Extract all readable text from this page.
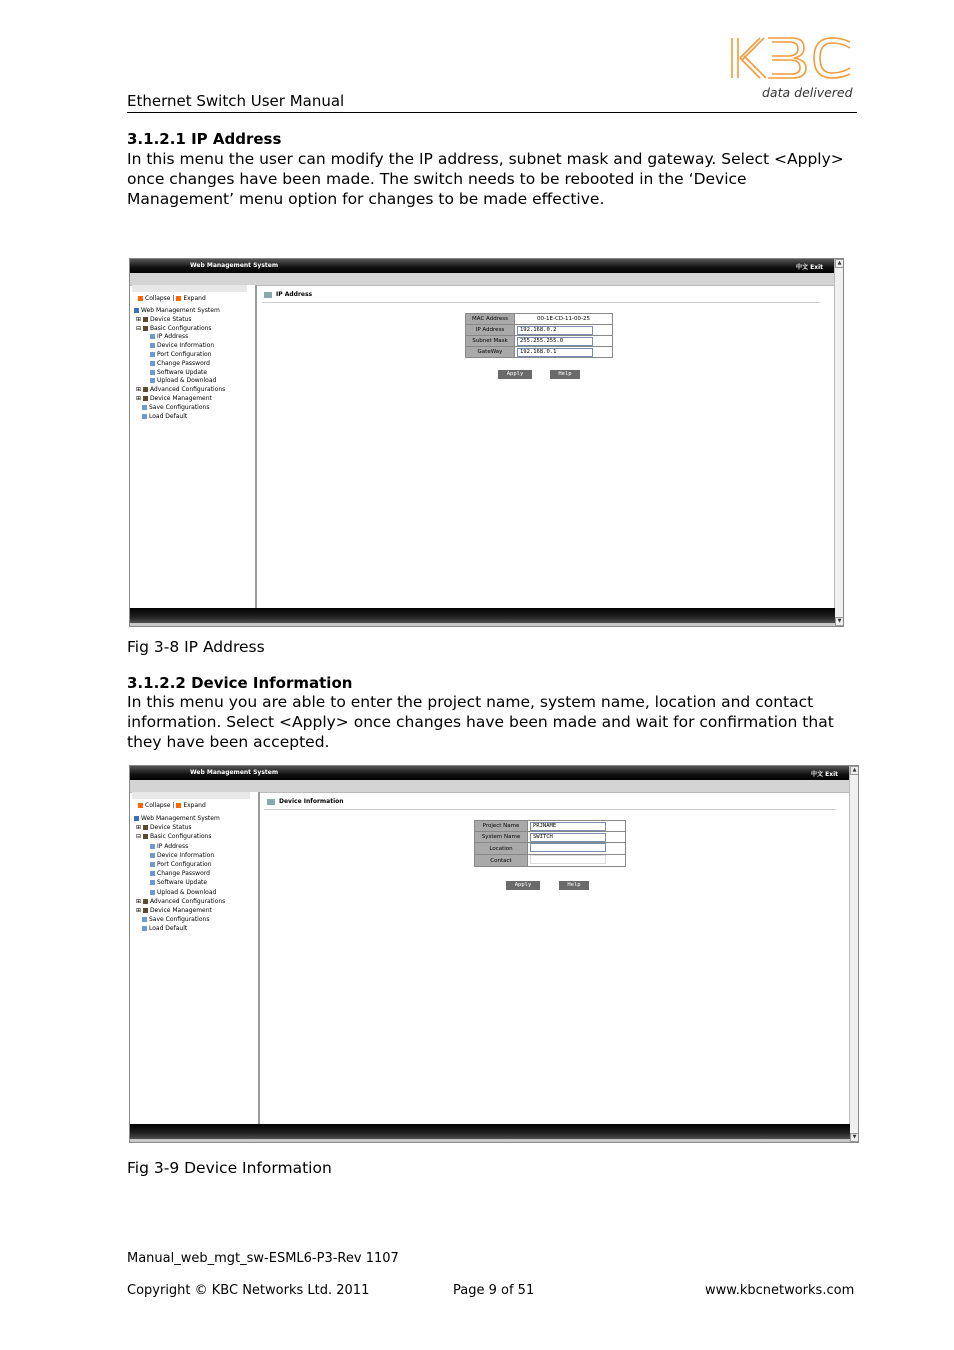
Ethernet Switch User Manual	data delivered
3.1.2.1 IP Address
In this menu the user can modify the IP address, subnet mask and gateway. Select <Apply> once changes have been made. The switch needs to be rebooted in the ‘Device Management’ menu option for changes to be made effective.
Web Management System	中文 Exit
▲
▼
Collapse | Expand
Web Management System
⊞ Device Status
⊟ Basic Configurations
IP Address
Device Information
Port Configuration
Change Password
Software Update
Upload & Download
⊞ Advanced Configurations
⊞ Device Management
Save Configurations
Load Default
IP Address
MAC Address	00-1E-CD-11-00-25
IP Address	192.168.0.2
Subnet Mask	255.255.255.0
GateWay	192.168.0.1
Apply	Help
Fig 3-8 IP Address
3.1.2.2 Device Information
In this menu you are able to enter the project name, system name, location and contact information. Select <Apply> once changes have been made and wait for confirmation that they have been accepted.
Web Management System	中文 Exit
▲
▼
Collapse | Expand
Web Management System
⊞ Device Status
⊟ Basic Configurations
IP Address
Device Information
Port Configuration
Change Password
Software Update
Upload & Download
⊞ Advanced Configurations
⊞ Device Management
Save Configurations
Load Default
Device Information
Project Name	PRJNAME
System Name	SWITCH
Location	
Contact	
Apply	Help
Fig 3-9 Device Information
Manual_web_mgt_sw-ESML6-P3-Rev 1107
Copyright © KBC Networks Ltd. 2011	Page 9 of 51	www.kbcnetworks.com
